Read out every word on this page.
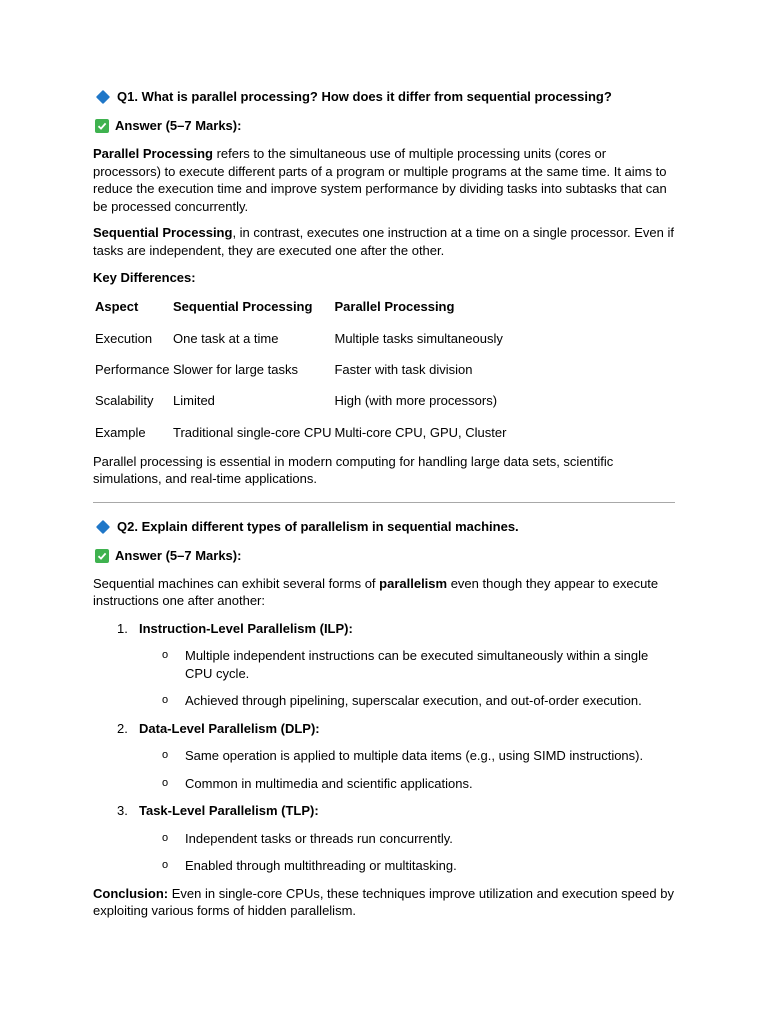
Q1. What is parallel processing? How does it differ from sequential processing?
Answer (5–7 Marks):

Parallel Processing refers to the simultaneous use of multiple processing units (cores or processors) to execute different parts of a program or multiple programs at the same time. It aims to reduce the execution time and improve system performance by dividing tasks into subtasks that can be processed concurrently.

Sequential Processing, in contrast, executes one instruction at a time on a single processor. Even if tasks are independent, they are executed one after the other.

Key Differences:

Aspect	Sequential Processing	Parallel Processing
Execution	One task at a time	Multiple tasks simultaneously
Performance	Slower for large tasks	Faster with task division
Scalability	Limited	High (with more processors)
Example	Traditional single-core CPU	Multi-core CPU, GPU, Cluster

Parallel processing is essential in modern computing for handling large data sets, scientific simulations, and real-time applications.

Q2. Explain different types of parallelism in sequential machines.
Answer (5–7 Marks):

Sequential machines can exhibit several forms of parallelism even though they appear to execute instructions one after another:

1. Instruction-Level Parallelism (ILP):
o	Multiple independent instructions can be executed simultaneously within a single CPU cycle.
o	Achieved through pipelining, superscalar execution, and out-of-order execution.
2. Data-Level Parallelism (DLP):
o	Same operation is applied to multiple data items (e.g., using SIMD instructions).
o	Common in multimedia and scientific applications.
3. Task-Level Parallelism (TLP):
o	Independent tasks or threads run concurrently.
o	Enabled through multithreading or multitasking.

Conclusion: Even in single-core CPUs, these techniques improve utilization and execution speed by exploiting various forms of hidden parallelism.
